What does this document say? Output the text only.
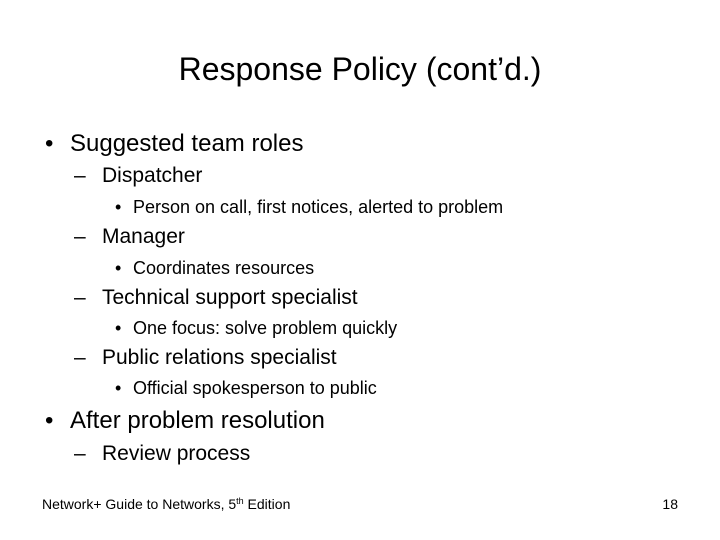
Response Policy (cont’d.)
• Suggested team roles
– Dispatcher
• Person on call, first notices, alerted to problem
– Manager
• Coordinates resources
– Technical support specialist
• One focus: solve problem quickly
– Public relations specialist
• Official spokesperson to public
• After problem resolution
– Review process
Network+ Guide to Networks, 5th Edition	18
